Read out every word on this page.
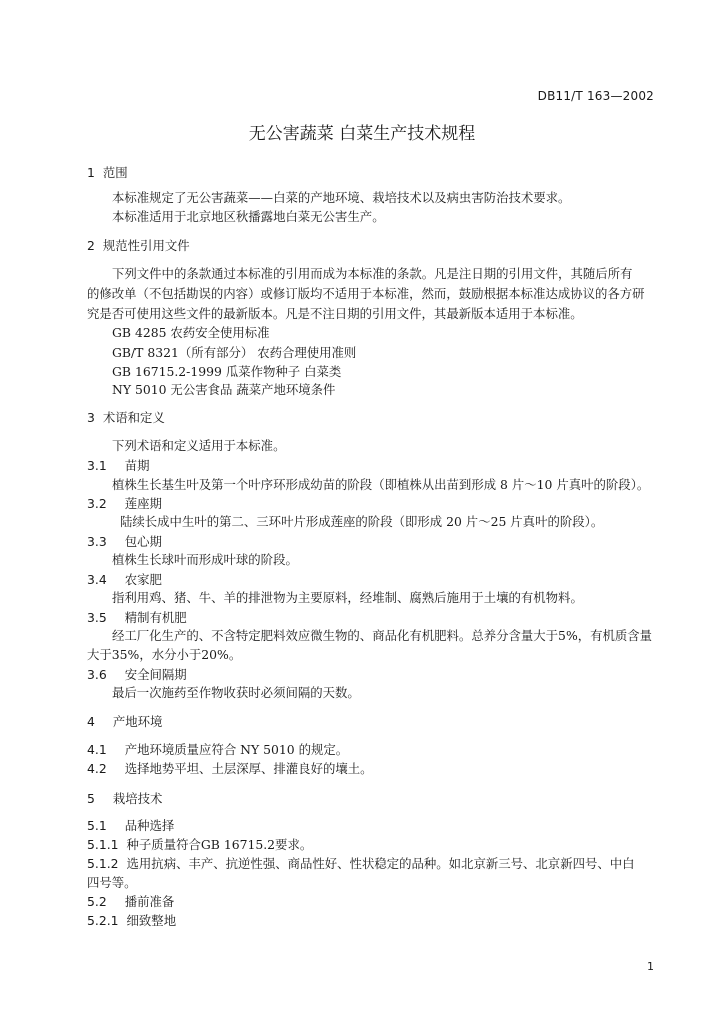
DB11/T 163—2002
无公害蔬菜 白菜生产技术规程
1 范围
本标准规定了无公害蔬菜——白菜的产地环境、栽培技术以及病虫害防治技术要求。
本标准适用于北京地区秋播露地白菜无公害生产。
2 规范性引用文件
下列文件中的条款通过本标准的引用而成为本标准的条款。凡是注日期的引用文件，其随后所有
的修改单（不包括勘误的内容）或修订版均不适用于本标准，然而，鼓励根据本标准达成协议的各方研
究是否可使用这些文件的最新版本。凡是不注日期的引用文件，其最新版本适用于本标准。
GB 4285 农药安全使用标准
GB/T 8321（所有部分） 农药合理使用准则
GB 16715.2-1999 瓜菜作物种子 白菜类
NY 5010 无公害食品 蔬菜产地环境条件
3 术语和定义
下列术语和定义适用于本标准。
3.1 苗期
植株生长基生叶及第一个叶序环形成幼苗的阶段（即植株从出苗到形成 8 片～10 片真叶的阶段）。
3.2 莲座期
陆续长成中生叶的第二、三环叶片形成莲座的阶段（即形成 20 片～25 片真叶的阶段）。
3.3 包心期
植株生长球叶而形成叶球的阶段。
3.4 农家肥
指利用鸡、猪、牛、羊的排泄物为主要原料，经堆制、腐熟后施用于土壤的有机物料。
3.5 精制有机肥
经工厂化生产的、不含特定肥料效应微生物的、商品化有机肥料。总养分含量大于5%，有机质含量
大于35%，水分小于20%。
3.6 安全间隔期
最后一次施药至作物收获时必须间隔的天数。
4 产地环境
4.1 产地环境质量应符合 NY 5010 的规定。
4.2 选择地势平坦、土层深厚、排灌良好的壤土。
5 栽培技术
5.1 品种选择
5.1.1 种子质量符合GB 16715.2要求。
5.1.2 选用抗病、丰产、抗逆性强、商品性好、性状稳定的品种。如北京新三号、北京新四号、中白
四号等。
5.2 播前准备
5.2.1 细致整地
1
